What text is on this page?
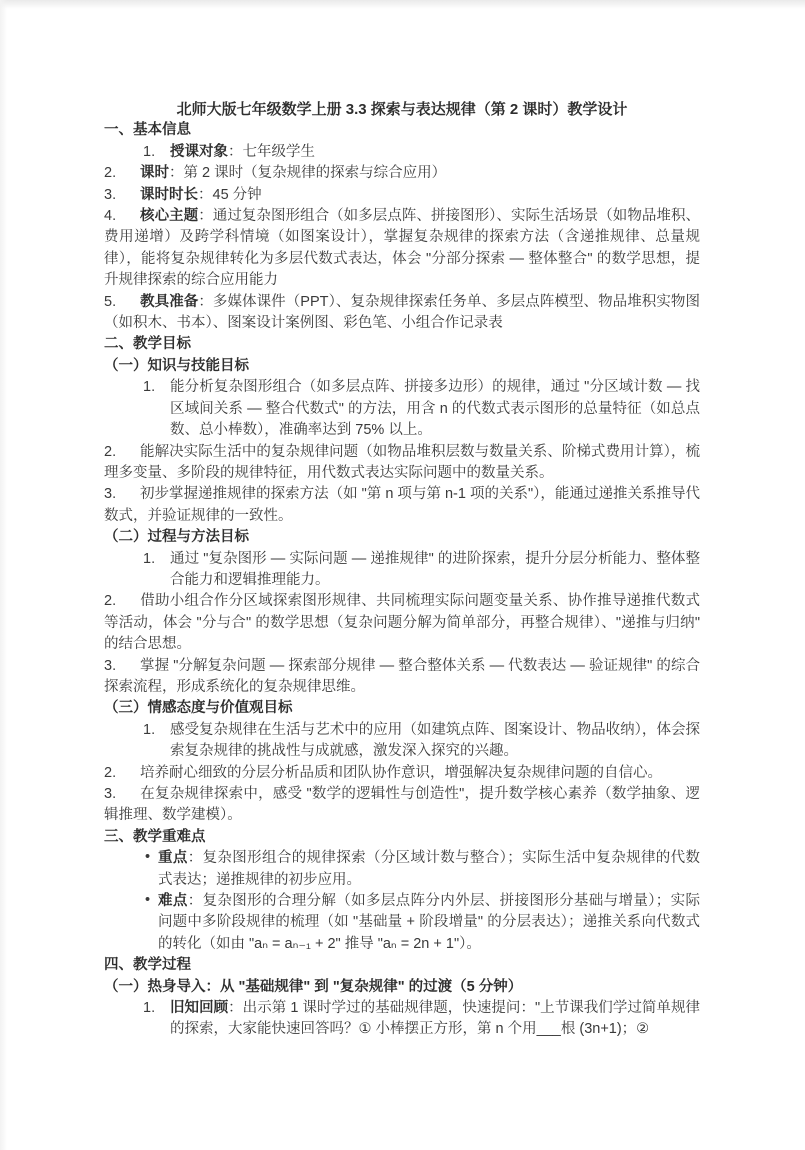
北师大版七年级数学上册 3.3 探索与表达规律（第 2 课时）教学设计
一、基本信息
1. 授课对象：七年级学生
2. 课时：第 2 课时（复杂规律的探索与综合应用）
3. 课时时长：45 分钟
4. 核心主题：通过复杂图形组合（如多层点阵、拼接图形）、实际生活场景（如物品堆积、费用递增）及跨学科情境（如图案设计），掌握复杂规律的探索方法（含递推规律、总量规律），能将复杂规律转化为多层代数式表达，体会 "分部分探索 — 整体整合" 的数学思想，提升规律探索的综合应用能力
5. 教具准备：多媒体课件（PPT）、复杂规律探索任务单、多层点阵模型、物品堆积实物图（如积木、书本）、图案设计案例图、彩色笔、小组合作记录表
二、教学目标
（一）知识与技能目标
1. 能分析复杂图形组合（如多层点阵、拼接多边形）的规律，通过 "分区域计数 — 找区域间关系 — 整合代数式" 的方法，用含 n 的代数式表示图形的总量特征（如总点数、总小棒数），准确率达到 75% 以上。
2. 能解决实际生活中的复杂规律问题（如物品堆积层数与数量关系、阶梯式费用计算），梳理多变量、多阶段的规律特征，用代数式表达实际问题中的数量关系。
3. 初步掌握递推规律的探索方法（如 "第 n 项与第 n-1 项的关系"），能通过递推关系推导代数式，并验证规律的一致性。
（二）过程与方法目标
1. 通过 "复杂图形 — 实际问题 — 递推规律" 的进阶探索，提升分层分析能力、整体整合能力和逻辑推理能力。
2. 借助小组合作分区域探索图形规律、共同梳理实际问题变量关系、协作推导递推代数式等活动，体会 "分与合" 的数学思想（复杂问题分解为简单部分，再整合规律）、"递推与归纳" 的结合思想。
3. 掌握 "分解复杂问题 — 探索部分规律 — 整合整体关系 — 代数表达 — 验证规律" 的综合探索流程，形成系统化的复杂规律思维。
（三）情感态度与价值观目标
1. 感受复杂规律在生活与艺术中的应用（如建筑点阵、图案设计、物品收纳），体会探索复杂规律的挑战性与成就感，激发深入探究的兴趣。
2. 培养耐心细致的分层分析品质和团队协作意识，增强解决复杂规律问题的自信心。
3. 在复杂规律探索中，感受 "数学的逻辑性与创造性"，提升数学核心素养（数学抽象、逻辑推理、数学建模）。
三、教学重难点
• 重点：复杂图形组合的规律探索（分区域计数与整合）；实际生活中复杂规律的代数式表达；递推规律的初步应用。
• 难点：复杂图形的合理分解（如多层点阵分内外层、拼接图形分基础与增量）；实际问题中多阶段规律的梳理（如 "基础量 + 阶段增量" 的分层表达）；递推关系向代数式的转化（如由 "aₙ = aₙ₋₁ + 2" 推导 "aₙ = 2n + 1"）。
四、教学过程
（一）热身导入：从 "基础规律" 到 "复杂规律" 的过渡（5 分钟）
1. 旧知回顾：出示第 1 课时学过的基础规律题，快速提问："上节课我们学过简单规律的探索，大家能快速回答吗？① 小棒摆正方形，第 n 个用___根 (3n+1)；②
